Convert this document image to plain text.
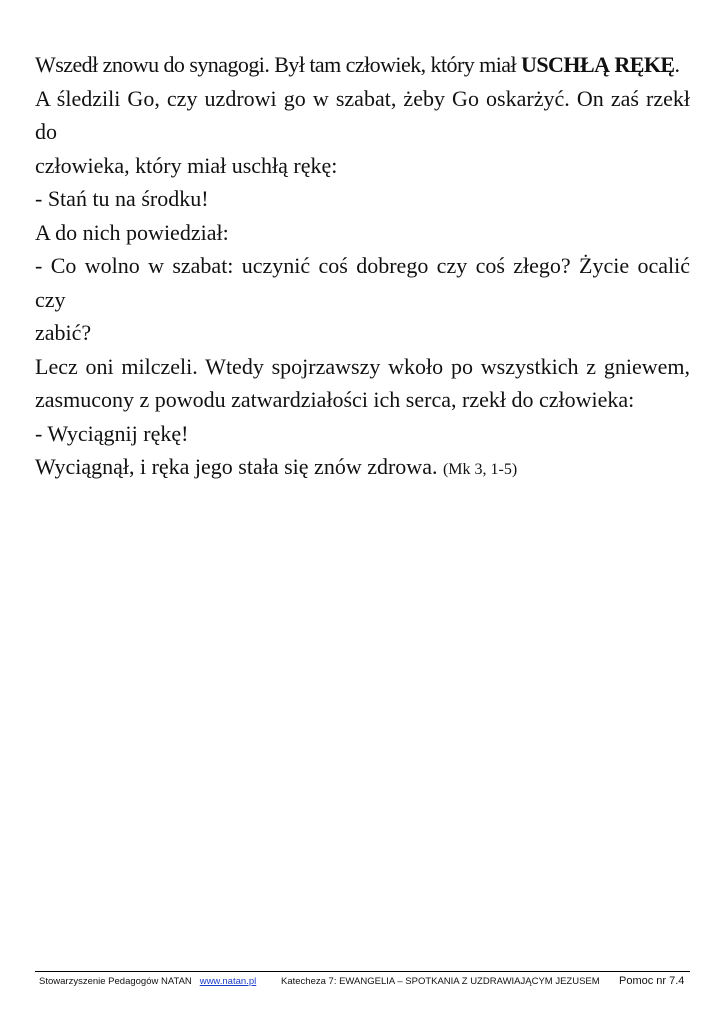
Wszedł znowu do synagogi. Był tam człowiek, który miał USCHŁĄ RĘKĘ.
A śledzili Go, czy uzdrowi go w szabat, żeby Go oskarżyć. On zaś rzekł do
człowieka, który miał uschłą rękę:
- Stań tu na środku!
A do nich powiedział:
- Co wolno w szabat: uczynić coś dobrego czy coś złego? Życie ocalić czy
zabić?
Lecz oni milczeli. Wtedy spojrzawszy wkoło po wszystkich z gniewem,
zasmucony z powodu zatwardziałości ich serca, rzekł do człowieka:
- Wyciągnij rękę!
Wyciągnął, i ręka jego stała się znów zdrowa. (Mk 3, 1-5)
Stowarzyszenie Pedagogów NATAN www.natan.pl	Katecheza 7: EWANGELIA – SPOTKANIA Z UZDRAWIAJĄCYM JEZUSEM Pomoc nr 7.4
